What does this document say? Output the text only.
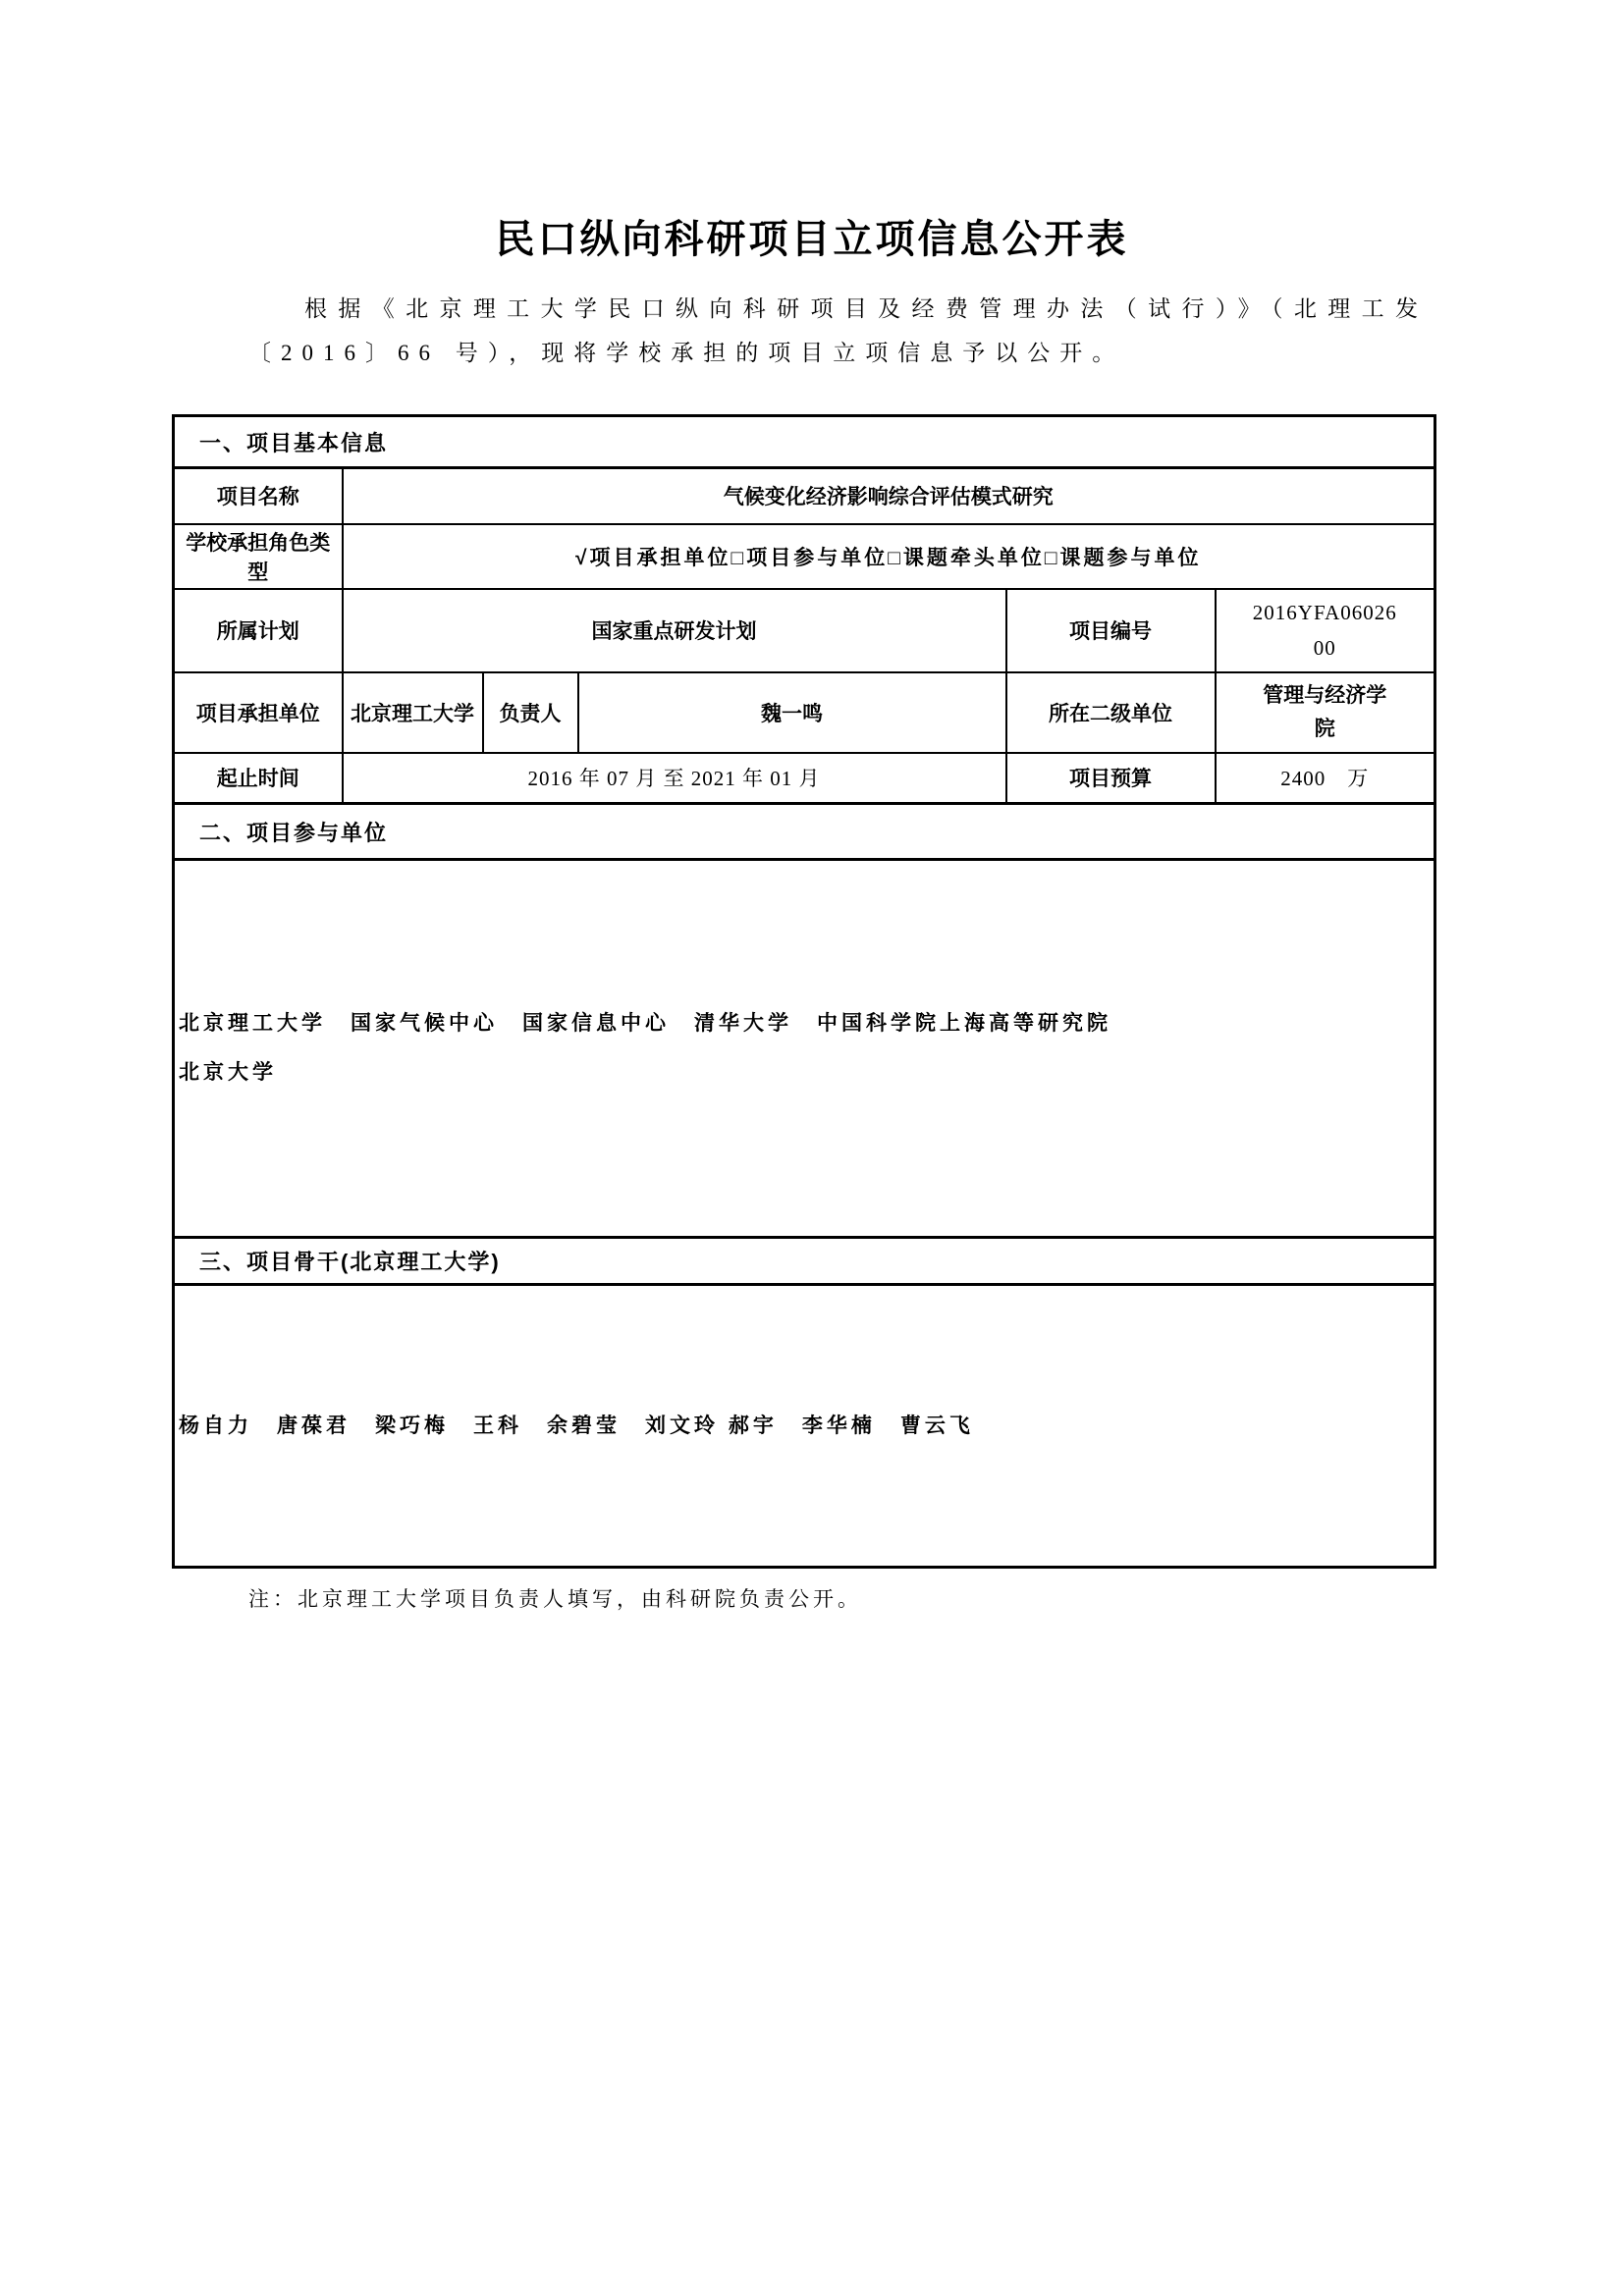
民口纵向科研项目立项信息公开表

根据《北京理工大学民口纵向科研项目及经费管理办法（试行）》（北理工发〔2016〕66 号），现将学校承担的项目立项信息予以公开。

一、项目基本信息					
项目名称	气候变化经济影响综合评估模式研究				
学校承担角色类型	√项目承担单位□项目参与单位□课题牵头单位□课题参与单位				
所属计划	国家重点研发计划			项目编号	2016YFA0602600

项目承担单位	北京理工大学	负责人	魏一鸣	所在二级单位	管理与经济学院

起止时间	2016 年 07 月 至 2021 年 01 月			项目预算	2400　万
二、项目参与单位					

北京理工大学　国家气候中心　国家信息中心　清华大学　中国科学院上海高等研究院
北京大学					

三、项目骨干(北京理工大学)					
杨自力　唐葆君　梁巧梅　王科　余碧莹　刘文玲 郝宇　李华楠　曹云飞					

注：北京理工大学项目负责人填写，由科研院负责公开。
